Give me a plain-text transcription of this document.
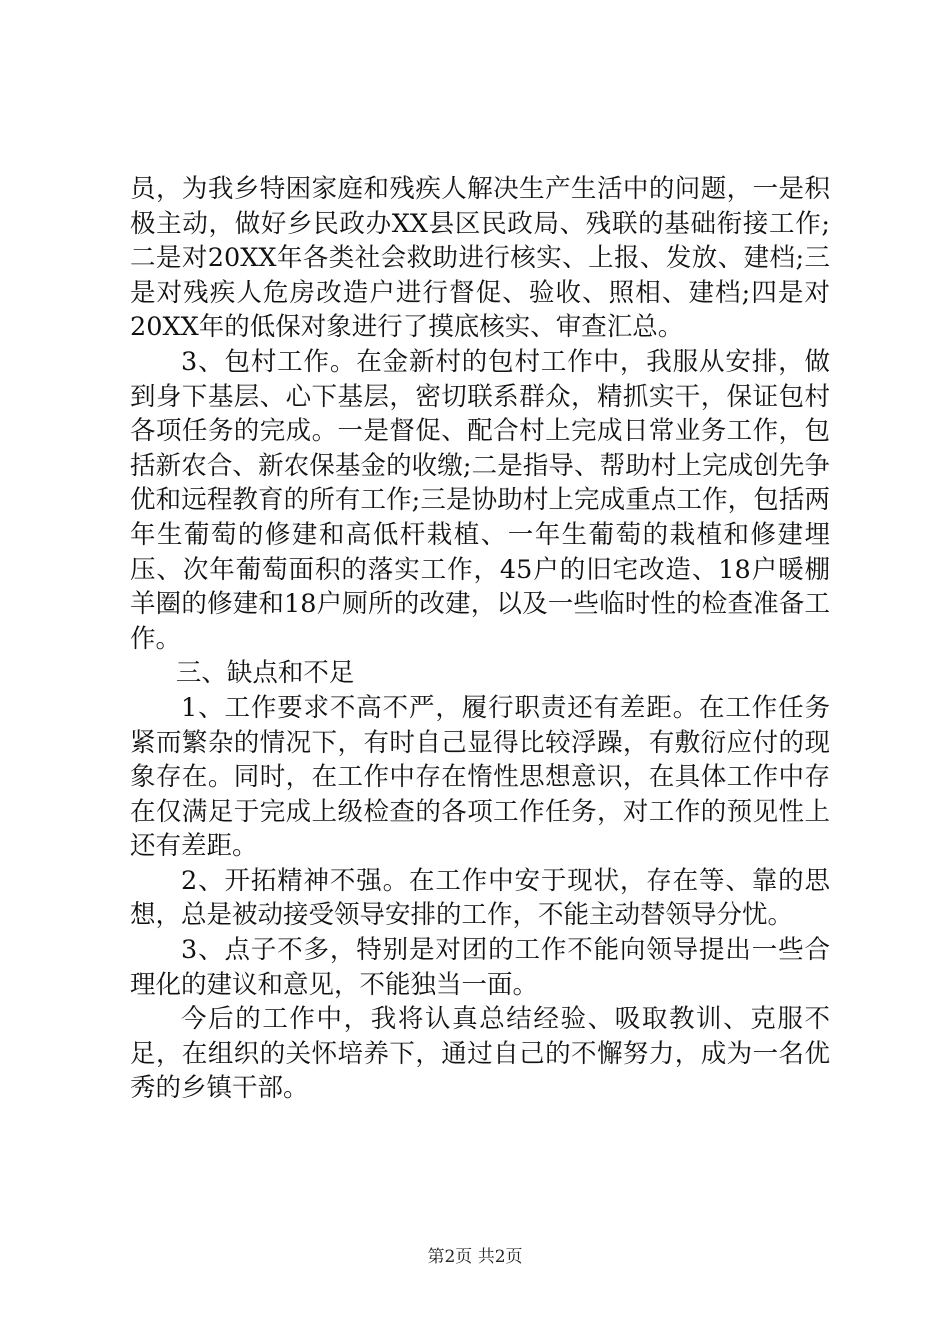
员，为我乡特困家庭和残疾人解决生产生活中的问题，一是积极主动，做好乡民政办XX县区民政局、残联的基础衔接工作;二是对20XX年各类社会救助进行核实、上报、发放、建档;三是对残疾人危房改造户进行督促、验收、照相、建档;四是对20XX年的低保对象进行了摸底核实、审查汇总。

3、包村工作。在金新村的包村工作中，我服从安排，做到身下基层、心下基层，密切联系群众，精抓实干，保证包村各项任务的完成。一是督促、配合村上完成日常业务工作，包括新农合、新农保基金的收缴;二是指导、帮助村上完成创先争优和远程教育的所有工作;三是协助村上完成重点工作，包括两年生葡萄的修建和高低杆栽植、一年生葡萄的栽植和修建埋压、次年葡萄面积的落实工作，45户的旧宅改造、18户暖棚羊圈的修建和18户厕所的改建，以及一些临时性的检查准备工作。

三、缺点和不足

1、工作要求不高不严，履行职责还有差距。在工作任务紧而繁杂的情况下，有时自己显得比较浮躁，有敷衍应付的现象存在。同时，在工作中存在惰性思想意识，在具体工作中存在仅满足于完成上级检查的各项工作任务，对工作的预见性上还有差距。

2、开拓精神不强。在工作中安于现状，存在等、靠的思想，总是被动接受领导安排的工作，不能主动替领导分忧。

3、点子不多，特别是对团的工作不能向领导提出一些合理化的建议和意见，不能独当一面。

今后的工作中，我将认真总结经验、吸取教训、克服不足，在组织的关怀培养下，通过自己的不懈努力，成为一名优秀的乡镇干部。

第2页 共2页
